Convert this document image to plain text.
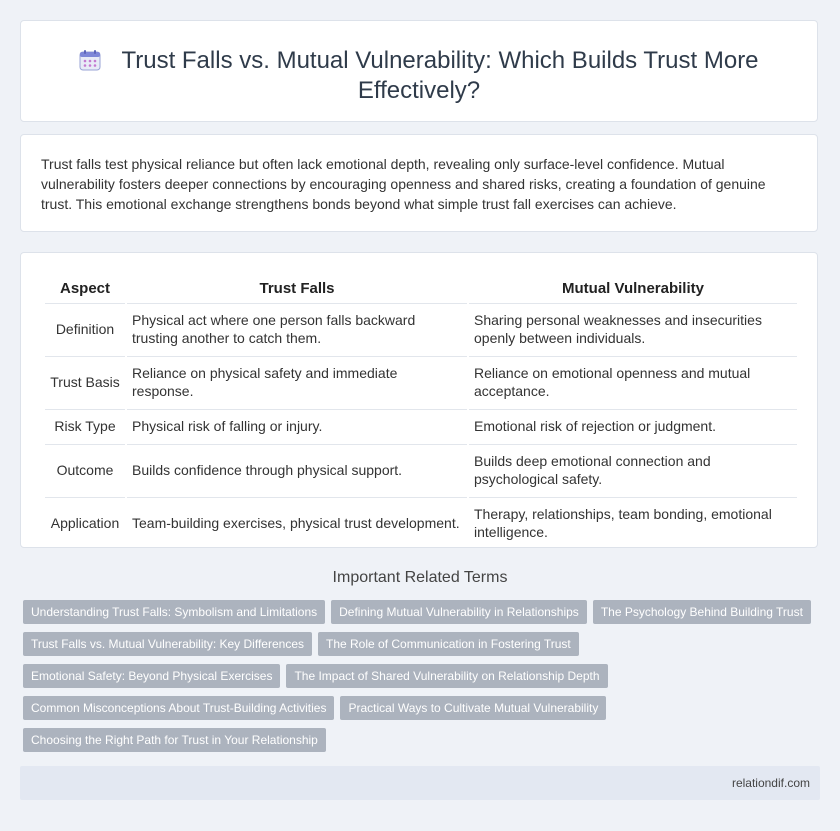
Trust Falls vs. Mutual Vulnerability: Which Builds Trust More Effectively?
Trust falls test physical reliance but often lack emotional depth, revealing only surface-level confidence. Mutual vulnerability fosters deeper connections by encouraging openness and shared risks, creating a foundation of genuine trust. This emotional exchange strengthens bonds beyond what simple trust fall exercises can achieve.
Aspect	Trust Falls	Mutual Vulnerability
Definition	Physical act where one person falls backward trusting another to catch them.	Sharing personal weaknesses and insecurities openly between individuals.
Trust Basis	Reliance on physical safety and immediate response.	Reliance on emotional openness and mutual acceptance.
Risk Type	Physical risk of falling or injury.	Emotional risk of rejection or judgment.
Outcome	Builds confidence through physical support.	Builds deep emotional connection and psychological safety.
Application	Team-building exercises, physical trust development.	Therapy, relationships, team bonding, emotional intelligence.
Important Related Terms
Understanding Trust Falls: Symbolism and Limitations Defining Mutual Vulnerability in Relationships The Psychology Behind Building Trust
Trust Falls vs. Mutual Vulnerability: Key Differences The Role of Communication in Fostering Trust
Emotional Safety: Beyond Physical Exercises The Impact of Shared Vulnerability on Relationship Depth
Common Misconceptions About Trust-Building Activities Practical Ways to Cultivate Mutual Vulnerability
Choosing the Right Path for Trust in Your Relationship
relationdif.com
